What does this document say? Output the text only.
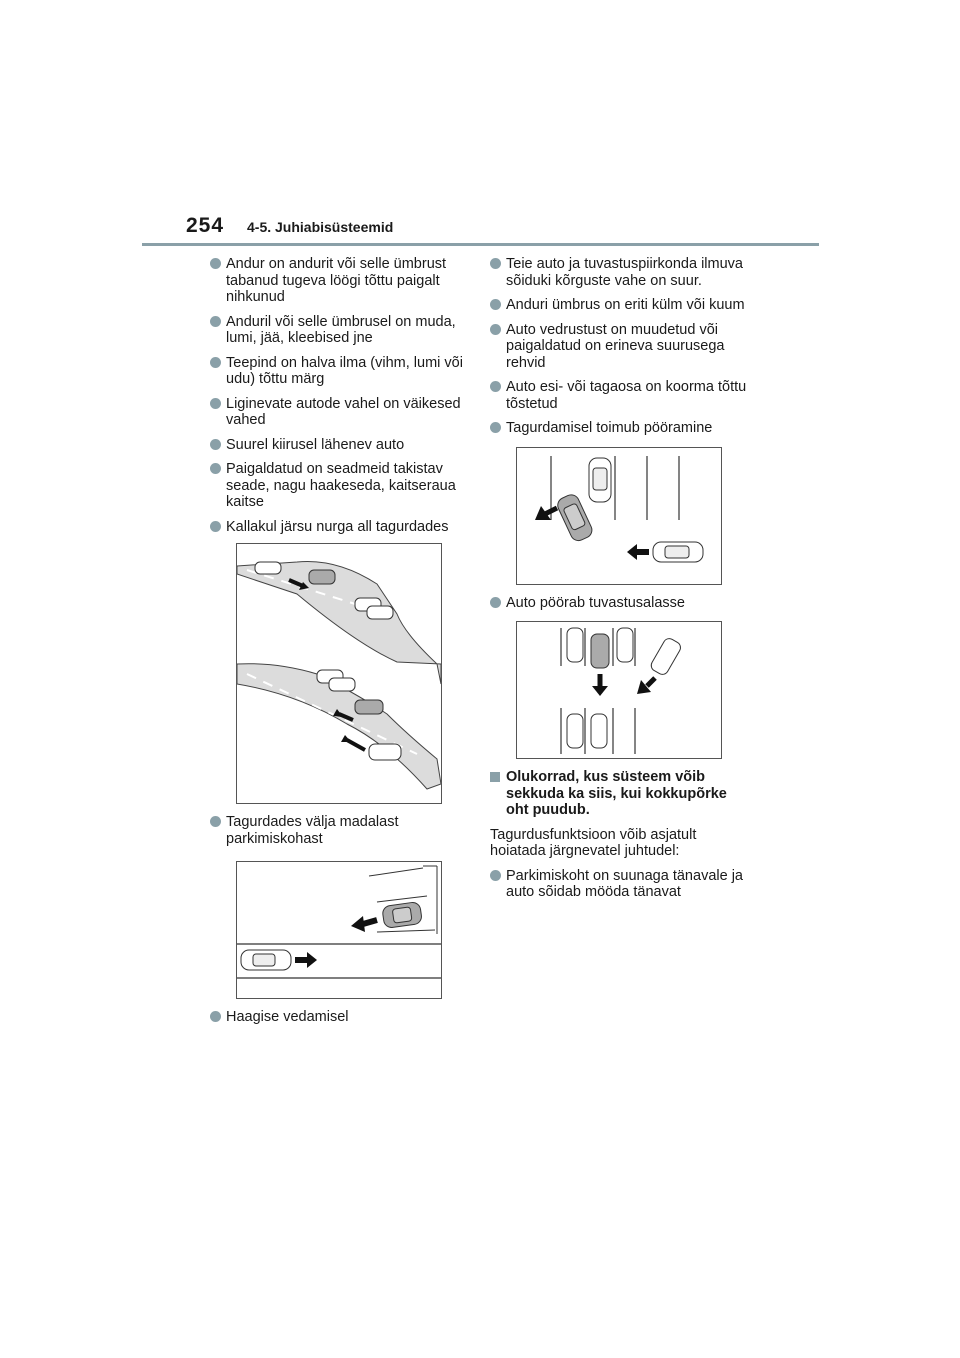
254 4-5. Juhiabisüsteemid
Andur on andurit või selle ümbrust tabanud tugeva löögi tõttu paigalt nihkunud
Anduril või selle ümbrusel on muda, lumi, jää, kleebised jne
Teepind on halva ilma (vihm, lumi või udu) tõttu märg
Liginevate autode vahel on väikesed vahed
Suurel kiirusel lähenev auto
Paigaldatud on seadmeid takistav seade, nagu haakeseda, kaitseraua kaitse
Kallakul järsu nurga all tagurdades
Tagurdades välja madalast parkimiskohast
Haagise vedamisel
Teie auto ja tuvastuspiirkonda ilmuva sõiduki kõrguste vahe on suur.
Anduri ümbrus on eriti külm või kuum
Auto vedrustust on muudetud või paigaldatud on erineva suurusega rehvid
Auto esi- või tagaosa on koorma tõttu tõstetud
Tagurdamisel toimub pööramine
Auto pöörab tuvastusalasse
Olukorrad, kus süsteem võib sekkuda ka siis, kui kokkupõrke oht puudub.
Tagurdusfunktsioon võib asjatult hoiatada järgnevatel juhtudel:
Parkimiskoht on suunaga tänavale ja auto sõidab mööda tänavat
